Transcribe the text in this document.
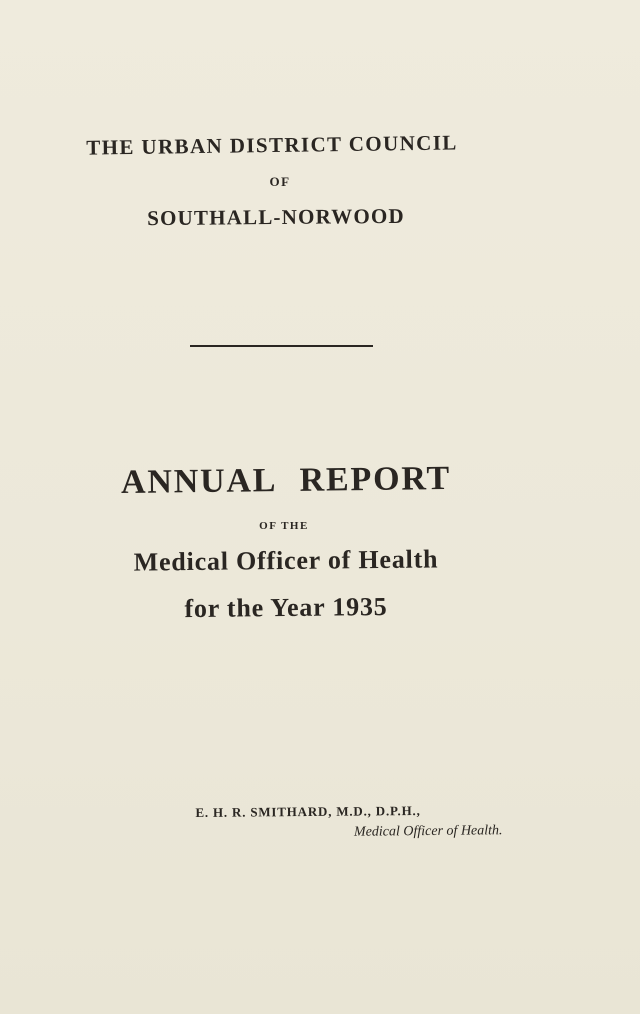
THE URBAN DISTRICT COUNCIL

OF

SOUTHALL-NORWOOD

ANNUAL REPORT

OF THE

Medical Officer of Health

for the Year 1935

E. H. R. SMITHARD, M.D., D.P.H.,

Medical Officer of Health.
